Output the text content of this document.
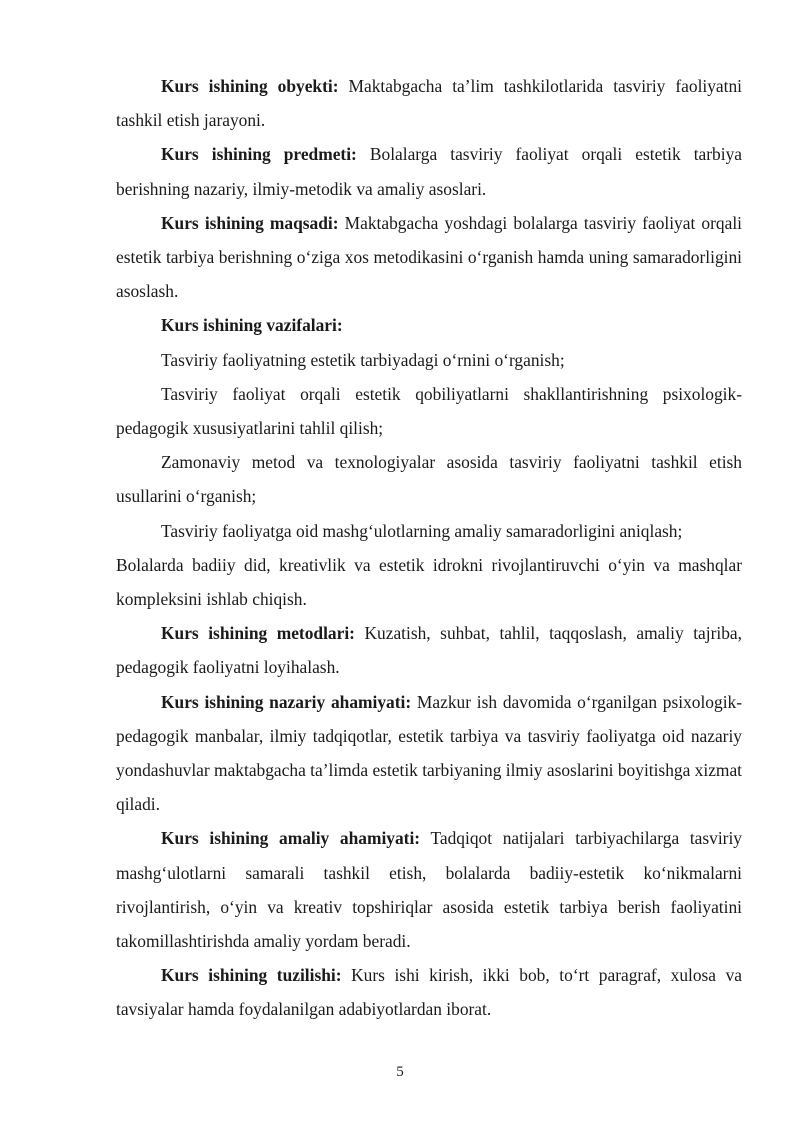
Kurs ishining obyekti: Maktabgacha ta’lim tashkilotlarida tasviriy faoliyatni tashkil etish jarayoni.

Kurs ishining predmeti: Bolalarga tasviriy faoliyat orqali estetik tarbiya berishning nazariy, ilmiy-metodik va amaliy asoslari.

Kurs ishining maqsadi: Maktabgacha yoshdagi bolalarga tasviriy faoliyat orqali estetik tarbiya berishning o‘ziga xos metodikasini o‘rganish hamda uning samaradorligini asoslash.

Kurs ishining vazifalari:

Tasviriy faoliyatning estetik tarbiyadagi o‘rnini o‘rganish;

Tasviriy faoliyat orqali estetik qobiliyatlarni shakllantirishning psixologik-pedagogik xususiyatlarini tahlil qilish;

Zamonaviy metod va texnologiyalar asosida tasviriy faoliyatni tashkil etish usullarini o‘rganish;

Tasviriy faoliyatga oid mashg‘ulotlarning amaliy samaradorligini aniqlash;

Bolalarda badiiy did, kreativlik va estetik idrokni rivojlantiruvchi o‘yin va mashqlar kompleksini ishlab chiqish.

Kurs ishining metodlari: Kuzatish, suhbat, tahlil, taqqoslash, amaliy tajriba, pedagogik faoliyatni loyihalash.

Kurs ishining nazariy ahamiyati: Mazkur ish davomida o‘rganilgan psixologik-pedagogik manbalar, ilmiy tadqiqotlar, estetik tarbiya va tasviriy faoliyatga oid nazariy yondashuvlar maktabgacha ta’limda estetik tarbiyaning ilmiy asoslarini boyitishga xizmat qiladi.

Kurs ishining amaliy ahamiyati: Tadqiqot natijalari tarbiyachilarga tasviriy mashg‘ulotlarni samarali tashkil etish, bolalarda badiiy-estetik ko‘nikmalarni rivojlantirish, o‘yin va kreativ topshiriqlar asosida estetik tarbiya berish faoliyatini takomillashtirishda amaliy yordam beradi.

Kurs ishining tuzilishi: Kurs ishi kirish, ikki bob, to‘rt paragraf, xulosa va tavsiyalar hamda foydalanilgan adabiyotlardan iborat.

5
